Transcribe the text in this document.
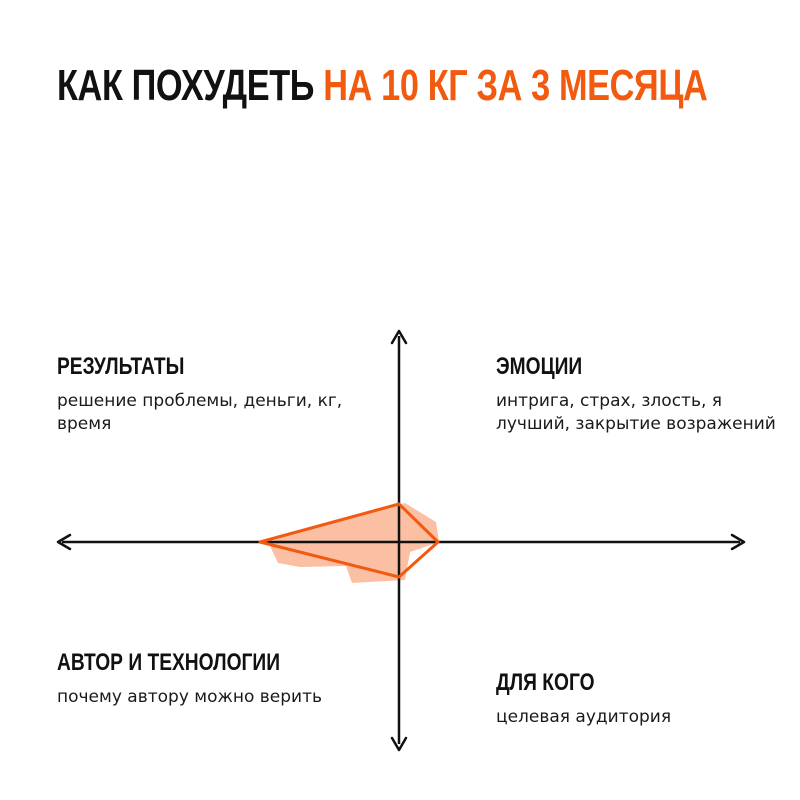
КАК ПОХУДЕТЬ НА 10 КГ ЗА 3 МЕСЯЦА
РЕЗУЛЬТАТЫ

решение проблемы, деньги, кг, время

ЭМОЦИИ

интрига, страх, злость, я лучший, закрытие возражений

АВТОР И ТЕХНОЛОГИИ

почему автору можно верить

ДЛЯ КОГО

целевая аудитория
